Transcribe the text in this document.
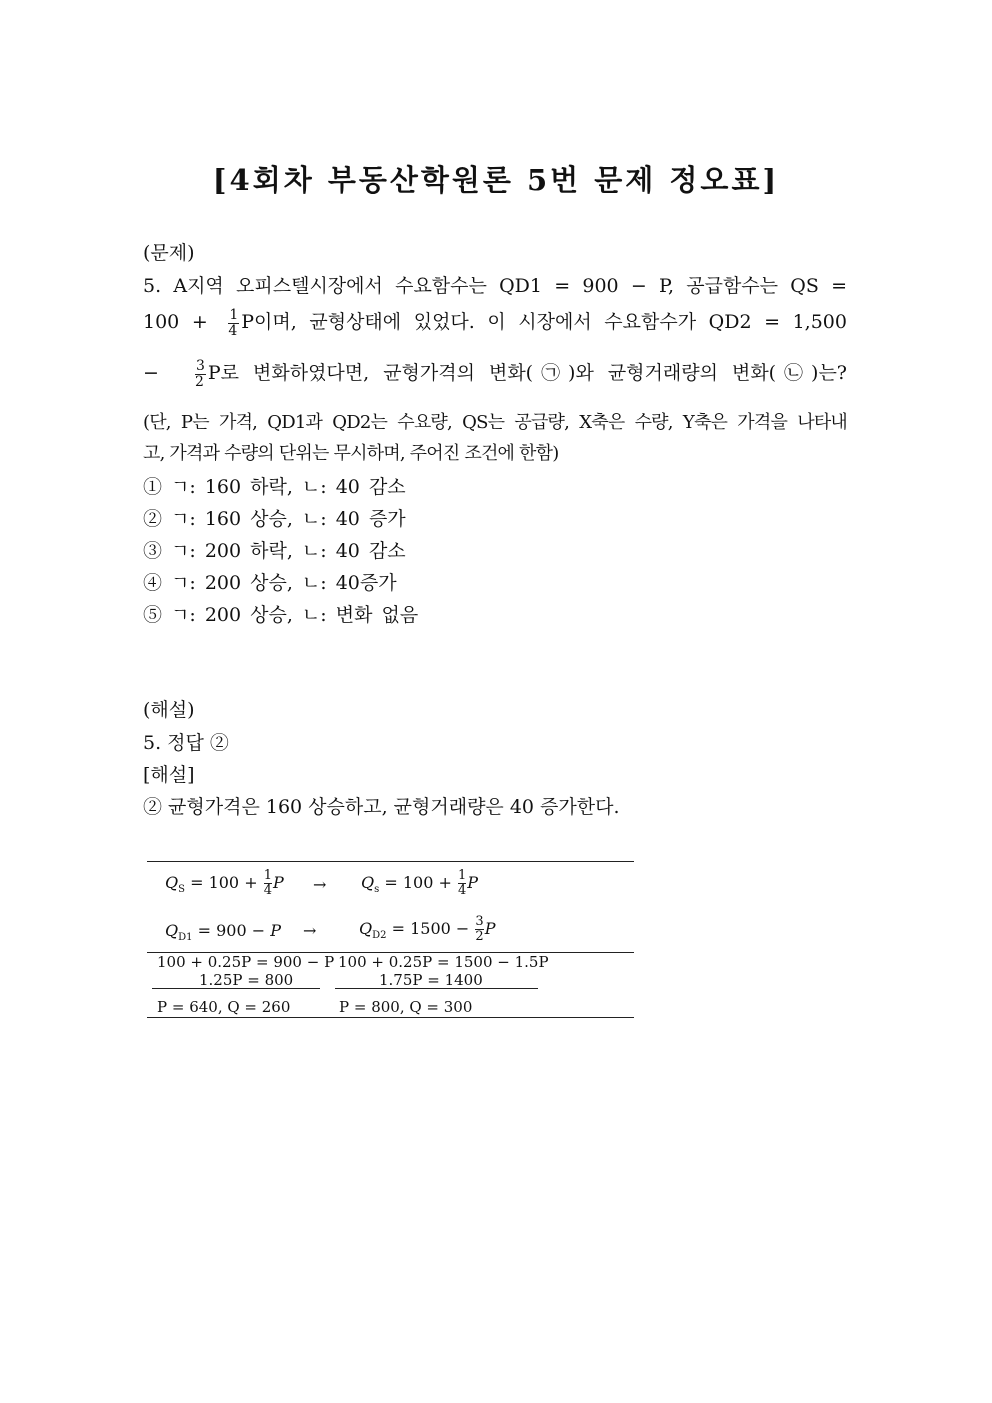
[4회차 부동산학원론 5번 문제 정오표]
(문제)
5. A지역 오피스텔시장에서 수요함수는 QD1 = 900 − P, 공급함수는 QS =
$100 + \frac{1}{4}$ P이며, 균형상태에 있었다. 이 시장에서 수요함수가 QD2 = 1,500
−	$\frac{3}{2}$ P로 변화하였다면, 균형가격의 변화(㉠)와 균형거래량의 변화(㉡)는?
(단, P는 가격, QD1과 QD2는 수요량, QS는 공급량, X축은 수량, Y축은 가격을 나타내
고, 가격과 수량의 단위는 무시하며, 주어진 조건에 한함)
① ㄱ: 160 하락, ㄴ: 40 감소
② ㄱ: 160 상승, ㄴ: 40 증가
③ ㄱ: 200 하락, ㄴ: 40 감소
④ ㄱ: 200 상승, ㄴ: 40증가
⑤ ㄱ: 200 상승, ㄴ: 변화 없음
(해설)
5. 정답 ②
[해설]
② 균형가격은 160 상승하고, 균형거래량은 40 증가한다.
$Q_S = 100 + \frac{1}{4}$ $P \to Q_s = 100 + \frac{1}{4}$ P
$Q_{D1} = 900 - P$ →	$Q_{D2} = 1500 - \frac{3}{2}$ P
100 + 0.25P = 900 − P 100 + 0.25P = 1500 − 1.5P
1.25P = 800	1.75P = 1400
P = 640, Q = 260	P = 800, Q = 300
